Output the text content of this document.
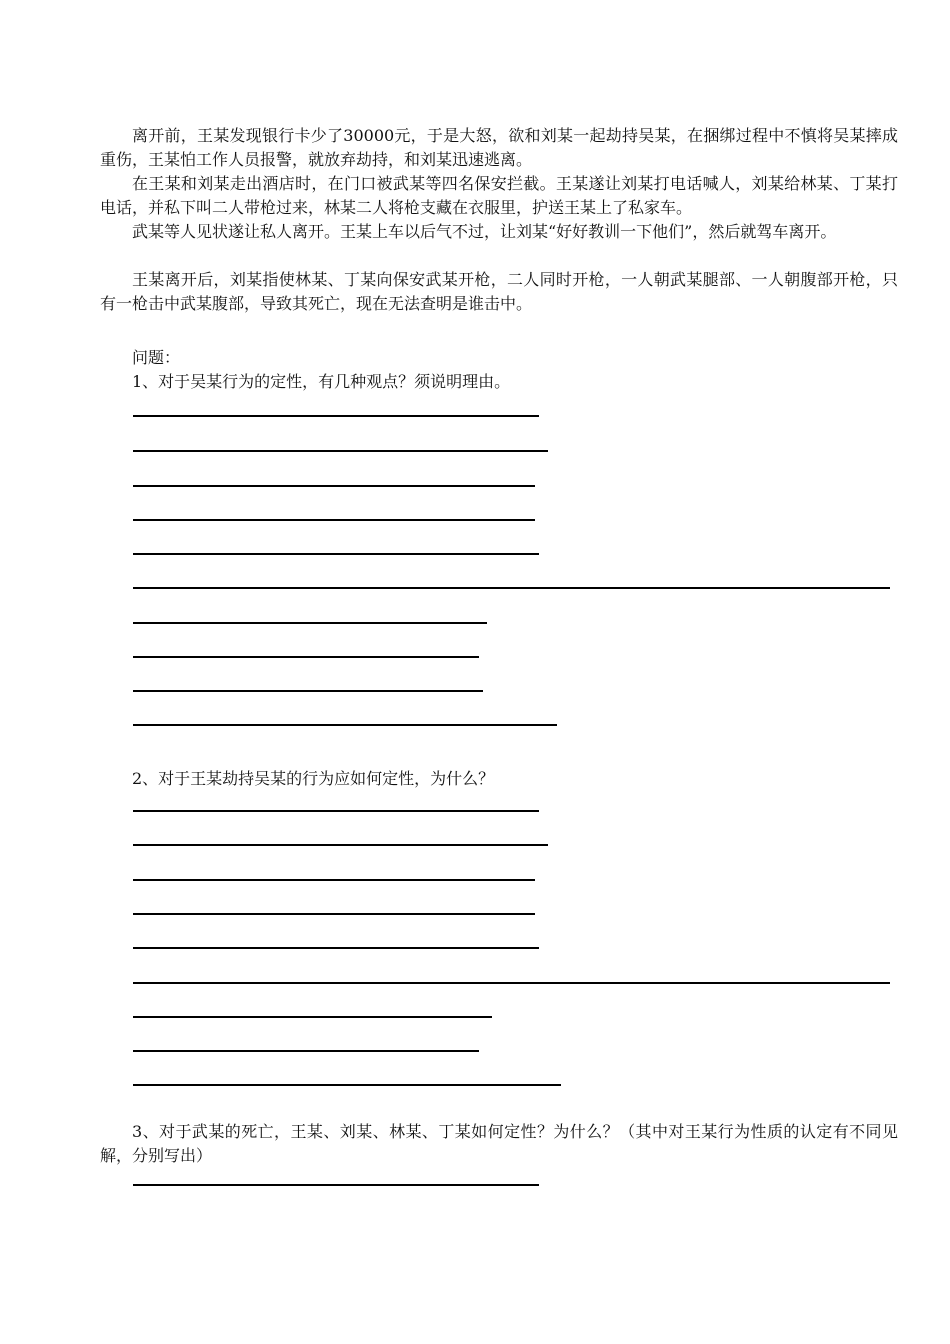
离开前，王某发现银行卡少了30000元，于是大怒，欲和刘某一起劫持吴某，在捆绑过程中不慎将吴某摔成重伤，王某怕工作人员报警，就放弃劫持，和刘某迅速逃离。

在王某和刘某走出酒店时，在门口被武某等四名保安拦截。王某遂让刘某打电话喊人，刘某给林某、丁某打电话，并私下叫二人带枪过来，林某二人将枪支藏在衣服里，护送王某上了私家车。

武某等人见状遂让私人离开。王某上车以后气不过，让刘某“好好教训一下他们”，然后就驾车离开。

王某离开后，刘某指使林某、丁某向保安武某开枪，二人同时开枪，一人朝武某腿部、一人朝腹部开枪，只有一枪击中武某腹部，导致其死亡，现在无法查明是谁击中。

问题：

1、对于吴某行为的定性，有几种观点？须说明理由。

2、对于王某劫持吴某的行为应如何定性，为什么？

3、对于武某的死亡，王某、刘某、林某、丁某如何定性？为什么？（其中对王某行为性质的认定有不同见解，分别写出）
